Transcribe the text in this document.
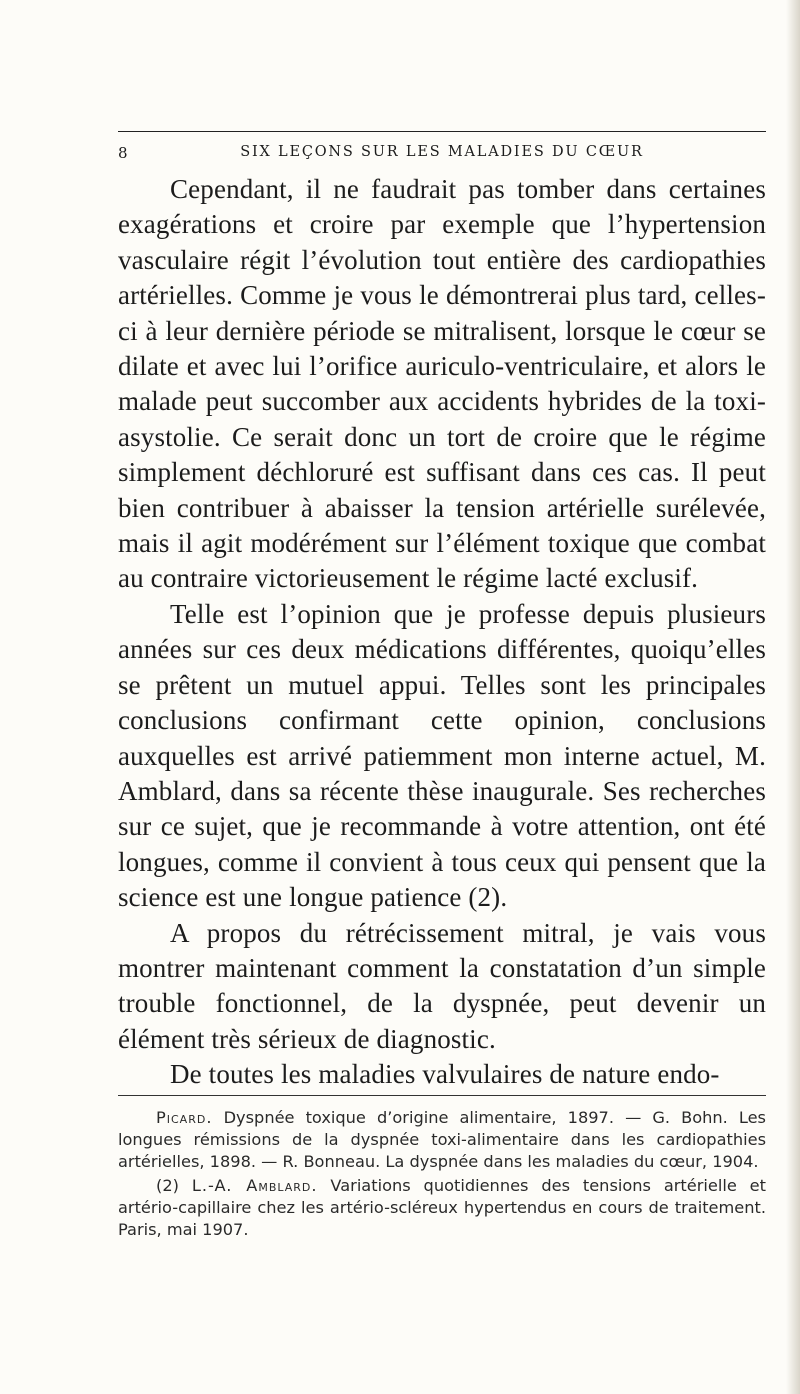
8	SIX LEÇONS SUR LES MALADIES DU CŒUR

Cependant, il ne faudrait pas tomber dans certaines exagérations et croire par exemple que l’hypertension vasculaire régit l’évolution tout entière des cardiopathies artérielles. Comme je vous le démontrerai plus tard, celles-ci à leur dernière période se mitralisent, lorsque le cœur se dilate et avec lui l’orifice auriculo-ventriculaire, et alors le malade peut succomber aux accidents hybrides de la toxi-asystolie. Ce serait donc un tort de croire que le régime simplement déchloruré est suffisant dans ces cas. Il peut bien contribuer à abaisser la tension artérielle surélevée, mais il agit modérément sur l’élément toxique que combat au contraire victorieusement le régime lacté exclusif.

Telle est l’opinion que je professe depuis plusieurs années sur ces deux médications différentes, quoiqu’elles se prêtent un mutuel appui. Telles sont les principales conclusions confirmant cette opinion, conclusions auxquelles est arrivé patiemment mon interne actuel, M. Amblard, dans sa récente thèse inaugurale. Ses recherches sur ce sujet, que je recommande à votre attention, ont été longues, comme il convient à tous ceux qui pensent que la science est une longue patience (2).

A propos du rétrécissement mitral, je vais vous montrer maintenant comment la constatation d’un simple trouble fonctionnel, de la dyspnée, peut devenir un élément très sérieux de diagnostic.

De toutes les maladies valvulaires de nature endo-

Picard. Dyspnée toxique d’origine alimentaire, 1897. — G. Bohn. Les longues rémissions de la dyspnée toxi-alimentaire dans les cardiopathies artérielles, 1898. — R. Bonneau. La dyspnée dans les maladies du cœur, 1904.

(2) L.-A. Amblard. Variations quotidiennes des tensions artérielle et artério-capillaire chez les artério-scléreux hypertendus en cours de traitement. Paris, mai 1907.
